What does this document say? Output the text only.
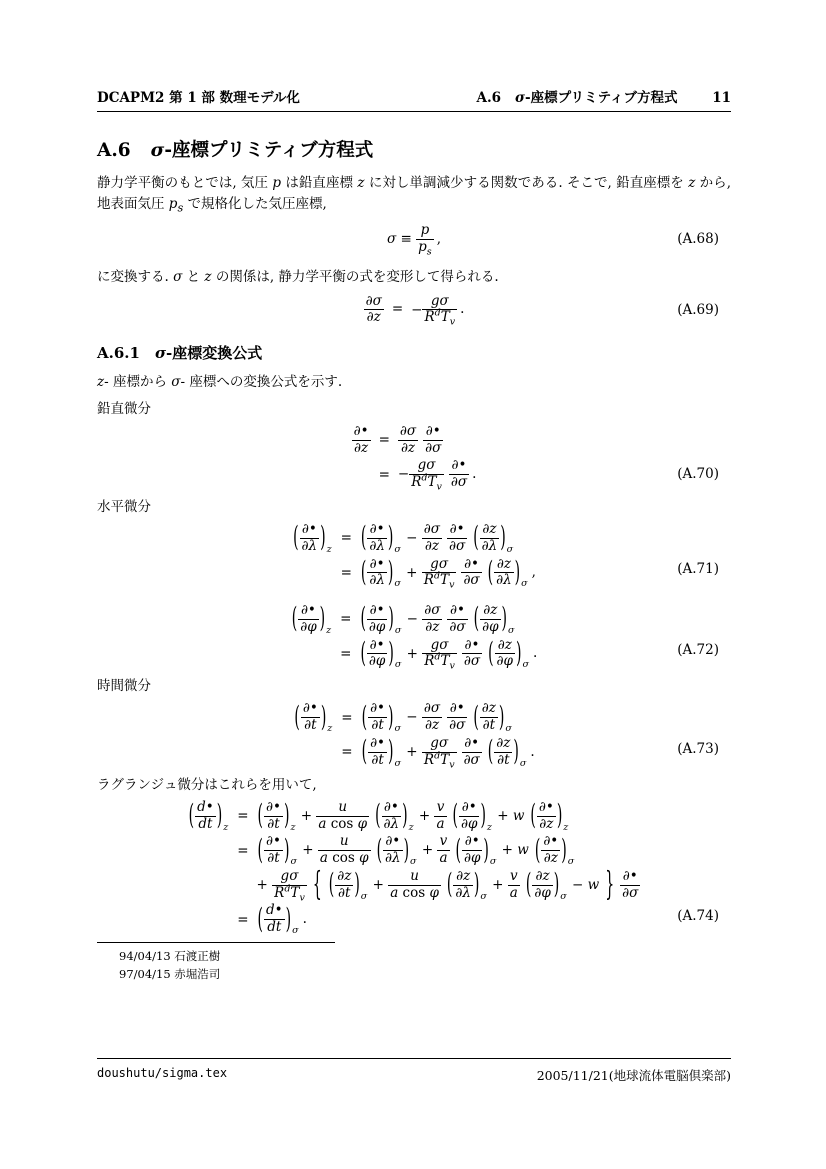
DCAPM2 第 1 部 数理モデル化	A.6 σ-座標プリミティブ方程式	11
A.6 σ-座標プリミティブ方程式

静力学平衡のもとでは, 気圧 p は鉛直座標 z に対し単調減少する関数である. そこで, 鉛直座標を z から, 地表面気圧 $p_s$ で規格化した気圧座標,

$\sigma \equiv \frac{p}{p_s}$ ,	(A.68)

に変換する. σ と z の関係は, 静力学平衡の式を変形して得られる.

$\frac{\partial\sigma}{\partial z}$ = − $\frac{g\sigma}{R^dT_v}$ .	(A.69)
A.6.1 σ-座標変換公式

z- 座標から σ- 座標への変換公式を示す.

鉛直微分

$\frac{\partial•}{\partial z}$	=	$\frac{\partial\sigma}{\partial z} \frac{\partial•}{\partial\sigma}$

	=	− $\frac{g\sigma}{R^dT_v} \frac{\partial•}{\partial\sigma}$ .	(A.70)

水平微分

( $\frac{\partial•}{\partial\lambda} )_z$	=	( $\frac{\partial•}{\partial\lambda} )_\sigma - \frac{\partial\sigma}{\partial z} \frac{\partial•}{\partial\sigma}$ ( $\frac{\partial z}{\partial\lambda} )_\sigma$
	=	( $\frac{\partial•}{\partial\lambda} )_\sigma + \frac{g\sigma}{R^dT_v} \frac{\partial•}{\partial\sigma}$ ( $\frac{\partial z}{\partial\lambda} )_\sigma$,	(A.71)
( $\frac{\partial•}{\partial\varphi} )_z$	=	( $\frac{\partial•}{\partial\varphi} )_\sigma - \frac{\partial\sigma}{\partial z} \frac{\partial•}{\partial\sigma}$ ( $\frac{\partial z}{\partial\varphi} )_\sigma$
	=	( $\frac{\partial•}{\partial\varphi} )_\sigma + \frac{g\sigma}{R^dT_v} \frac{\partial•}{\partial\sigma}$ ( $\frac{\partial z}{\partial\varphi} )_\sigma$.	(A.72)

時間微分

( $\frac{\partial•}{\partial t} )_z$	=	( $\frac{\partial•}{\partial t} )_\sigma - \frac{\partial\sigma}{\partial z} \frac{\partial•}{\partial\sigma}$ ( $\frac{\partial z}{\partial t} )_\sigma$
	=	( $\frac{\partial•}{\partial t} )_\sigma + \frac{g\sigma}{R^dT_v} \frac{\partial•}{\partial\sigma}$ ( $\frac{\partial z}{\partial t} )_\sigma$.	(A.73)

ラグランジュ微分はこれらを用いて,

( $\frac{d•}{dt} )_z$	=	( $\frac{\partial•}{\partial t} )_z + \frac{u}{\text{a cos φ}}$ ( $\frac{\partial•}{\partial\lambda} )_z + \frac{v}{a}$ ( $\frac{\partial•}{\partial\varphi} )_z + w$ ( $\frac{\partial•}{\partial z} )_z$
	=	( $\frac{\partial•}{\partial t} )_\sigma + \frac{u}{\text{a cos φ}}$ ( $\frac{\partial•}{\partial\lambda} )_\sigma + \frac{v}{a}$ ( $\frac{\partial•}{\partial\varphi} )_\sigma + w$ ( $\frac{\partial•}{\partial z} )_\sigma$
		+ $\frac{g\sigma}{R^dT_v}$ { ( $\frac{\partial z}{\partial t} )_\sigma + \frac{u}{\text{a cos φ}}$ ( $\frac{\partial z}{\partial\lambda} )_\sigma + \frac{v}{a}$ ( $\frac{\partial z}{\partial\varphi} )_\sigma - w$ } $\frac{\partial•}{\partial\sigma}$

	=	( $\frac{d•}{dt} )_\sigma$.	(A.74)
94/04/13 石渡正樹
97/04/15 赤堀浩司
doushutu/sigma.tex	2005/11/21(地球流体電脳倶楽部)
